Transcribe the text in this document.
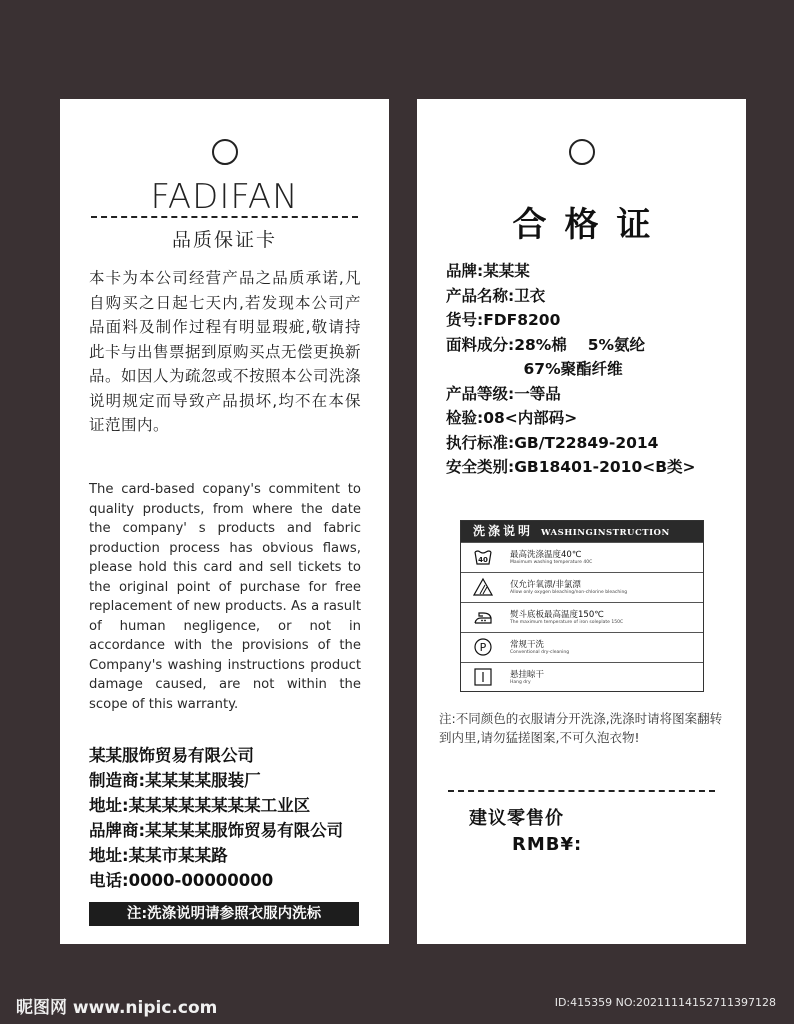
FADIFAN
品质保证卡
本卡为本公司经营产品之品质承诺,凡自购买之日起七天内,若发现本公司产品面料及制作过程有明显瑕疵,敬请持此卡与出售票据到原购买点无偿更换新品。如因人为疏忽或不按照本公司洗涤说明规定而导致产品损坏,均不在本保证范围内。
The card-based copany's commitent to quality products, from where the date the company' s products and fabric production process has obvious flaws, please hold this card and sell tickets to the original point of purchase for free replacement of new products. As a rasult of human negligence, or not in accordance with the provisions of the Company's washing instructions product damage caused, are not within the scope of this warranty.
某某服饰贸易有限公司
制造商:某某某某服装厂
地址:某某某某某某某某工业区
品牌商:某某某某服饰贸易有限公司
地址:某某市某某路
电话:0000-00000000
注:洗涤说明请参照衣服内洗标
合格证
品牌:某某某
产品名称:卫衣
货号:FDF8200
面料成分:28%棉　 5%氨纶
　　　　　67%聚酯纤维
产品等级:一等品
检验:08<内部码>
执行标准:GB/T22849-2014
安全类别:GB18401-2010<B类>
洗涤说明 WASHINGINSTRUCTION
40	最高洗涤温度40℃
Maximum washing temperature 40C
仅允许氧漂/非氯漂
Allow only oxygen bleaching/non-chlorine bleaching
熨斗底板最高温度150℃
The maximum temperature of iron soleplate 150C
P	常规干洗
Conventional dry-cleaning
悬挂晾干
Hang dry
注:不同颜色的衣服请分开洗涤,洗涤时请将图案翻转到内里,请勿猛搓图案,不可久泡衣物!
建议零售价
RMB¥:
昵图网 www.nipic.com	ID:415359 NO:20211114152711397128
